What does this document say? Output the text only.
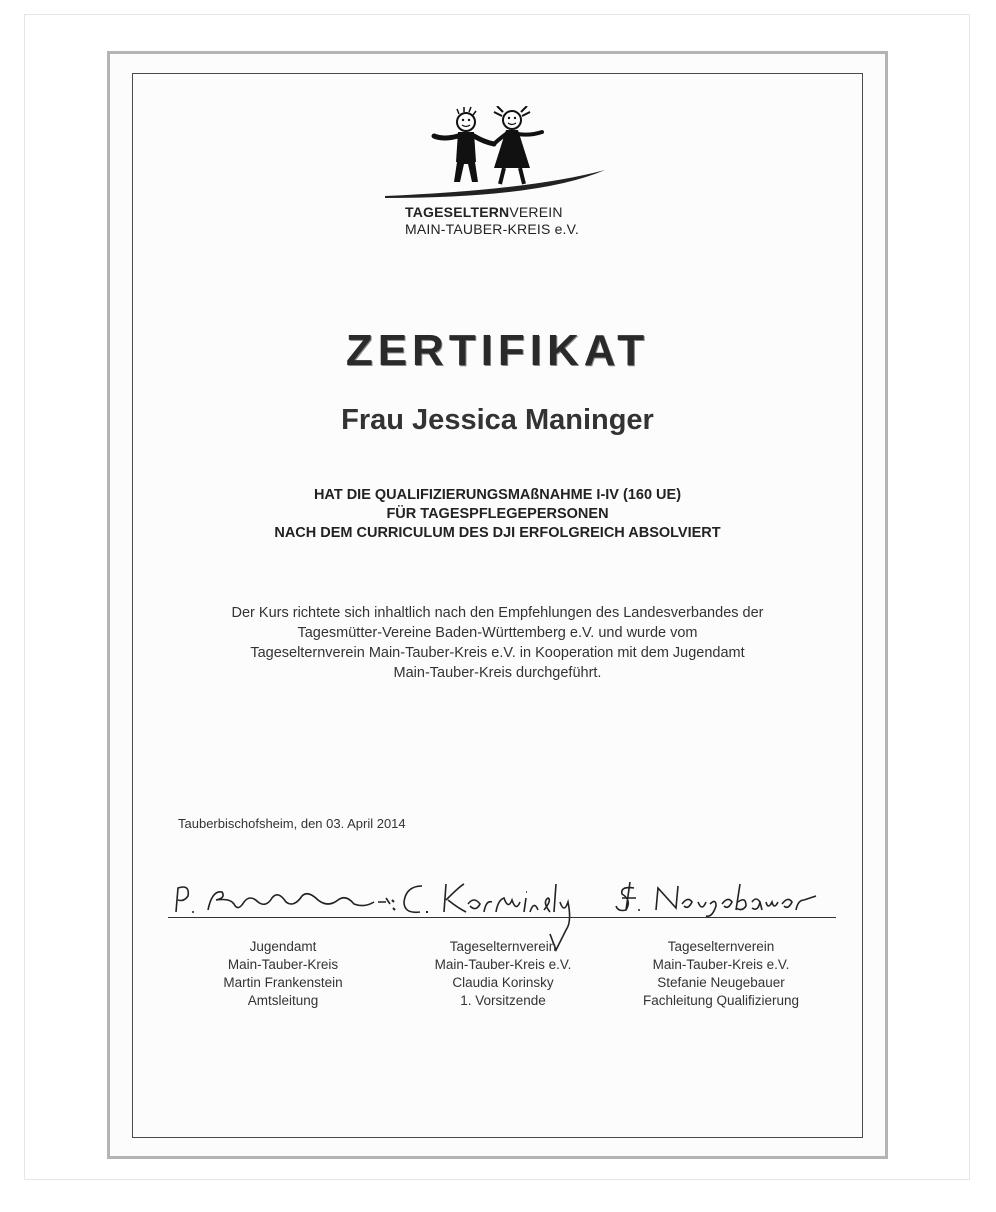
TAGESELTERNVEREIN
MAIN-TAUBER-KREIS e.V.
ZERTIFIKAT
Frau Jessica Maninger
HAT DIE QUALIFIZIERUNGSMAßNAHME I-IV (160 UE)
FÜR TAGESPFLEGEPERSONEN
NACH DEM CURRICULUM DES DJI ERFOLGREICH ABSOLVIERT
Der Kurs richtete sich inhaltlich nach den Empfehlungen des Landesverbandes der
Tagesmütter-Vereine Baden-Württemberg e.V. und wurde vom
Tageselternverein Main-Tauber-Kreis e.V. in Kooperation mit dem Jugendamt
Main-Tauber-Kreis durchgeführt.
Tauberbischofsheim, den 03. April 2014
Jugendamt
Main-Tauber-Kreis
Martin Frankenstein
Amtsleitung
Tageselternverein
Main-Tauber-Kreis e.V.
Claudia Korinsky
1. Vorsitzende
Tageselternverein
Main-Tauber-Kreis e.V.
Stefanie Neugebauer
Fachleitung Qualifizierung
